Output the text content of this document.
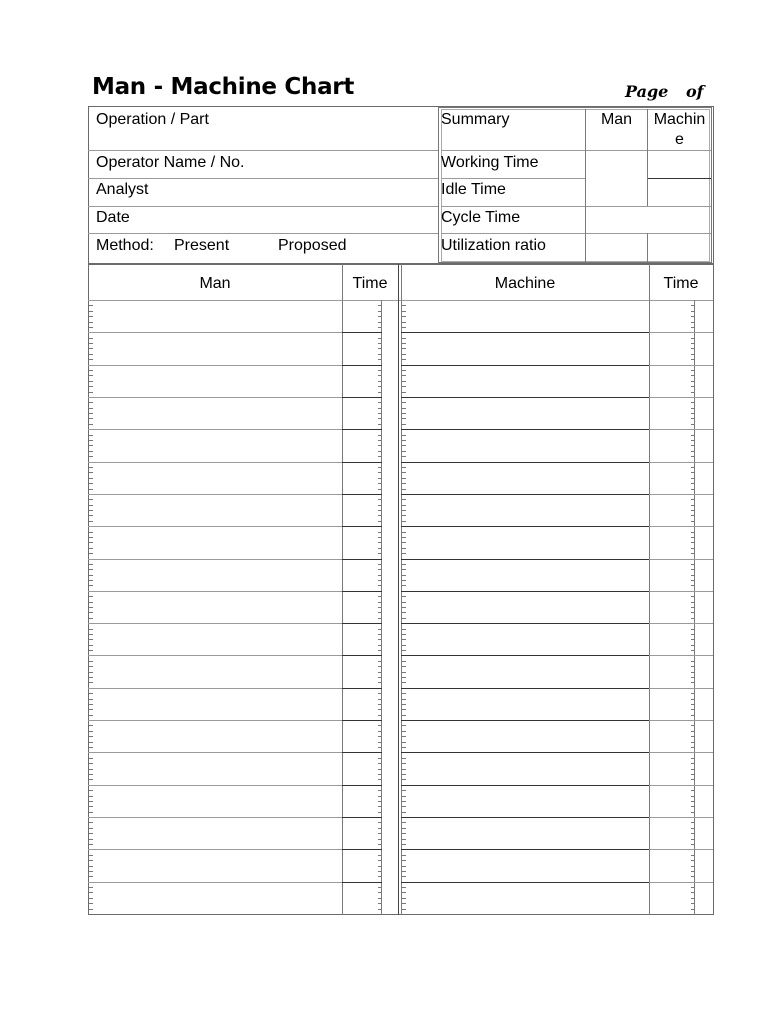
Man - Machine Chart	Page of
Operation / Part
Operator Name / No.
Analyst
Date
Method: Present	Proposed
Summary	Man	Machin
e
Working Time
Idle Time
Cycle Time
Utilization ratio
Man	Time	Machine	Time
